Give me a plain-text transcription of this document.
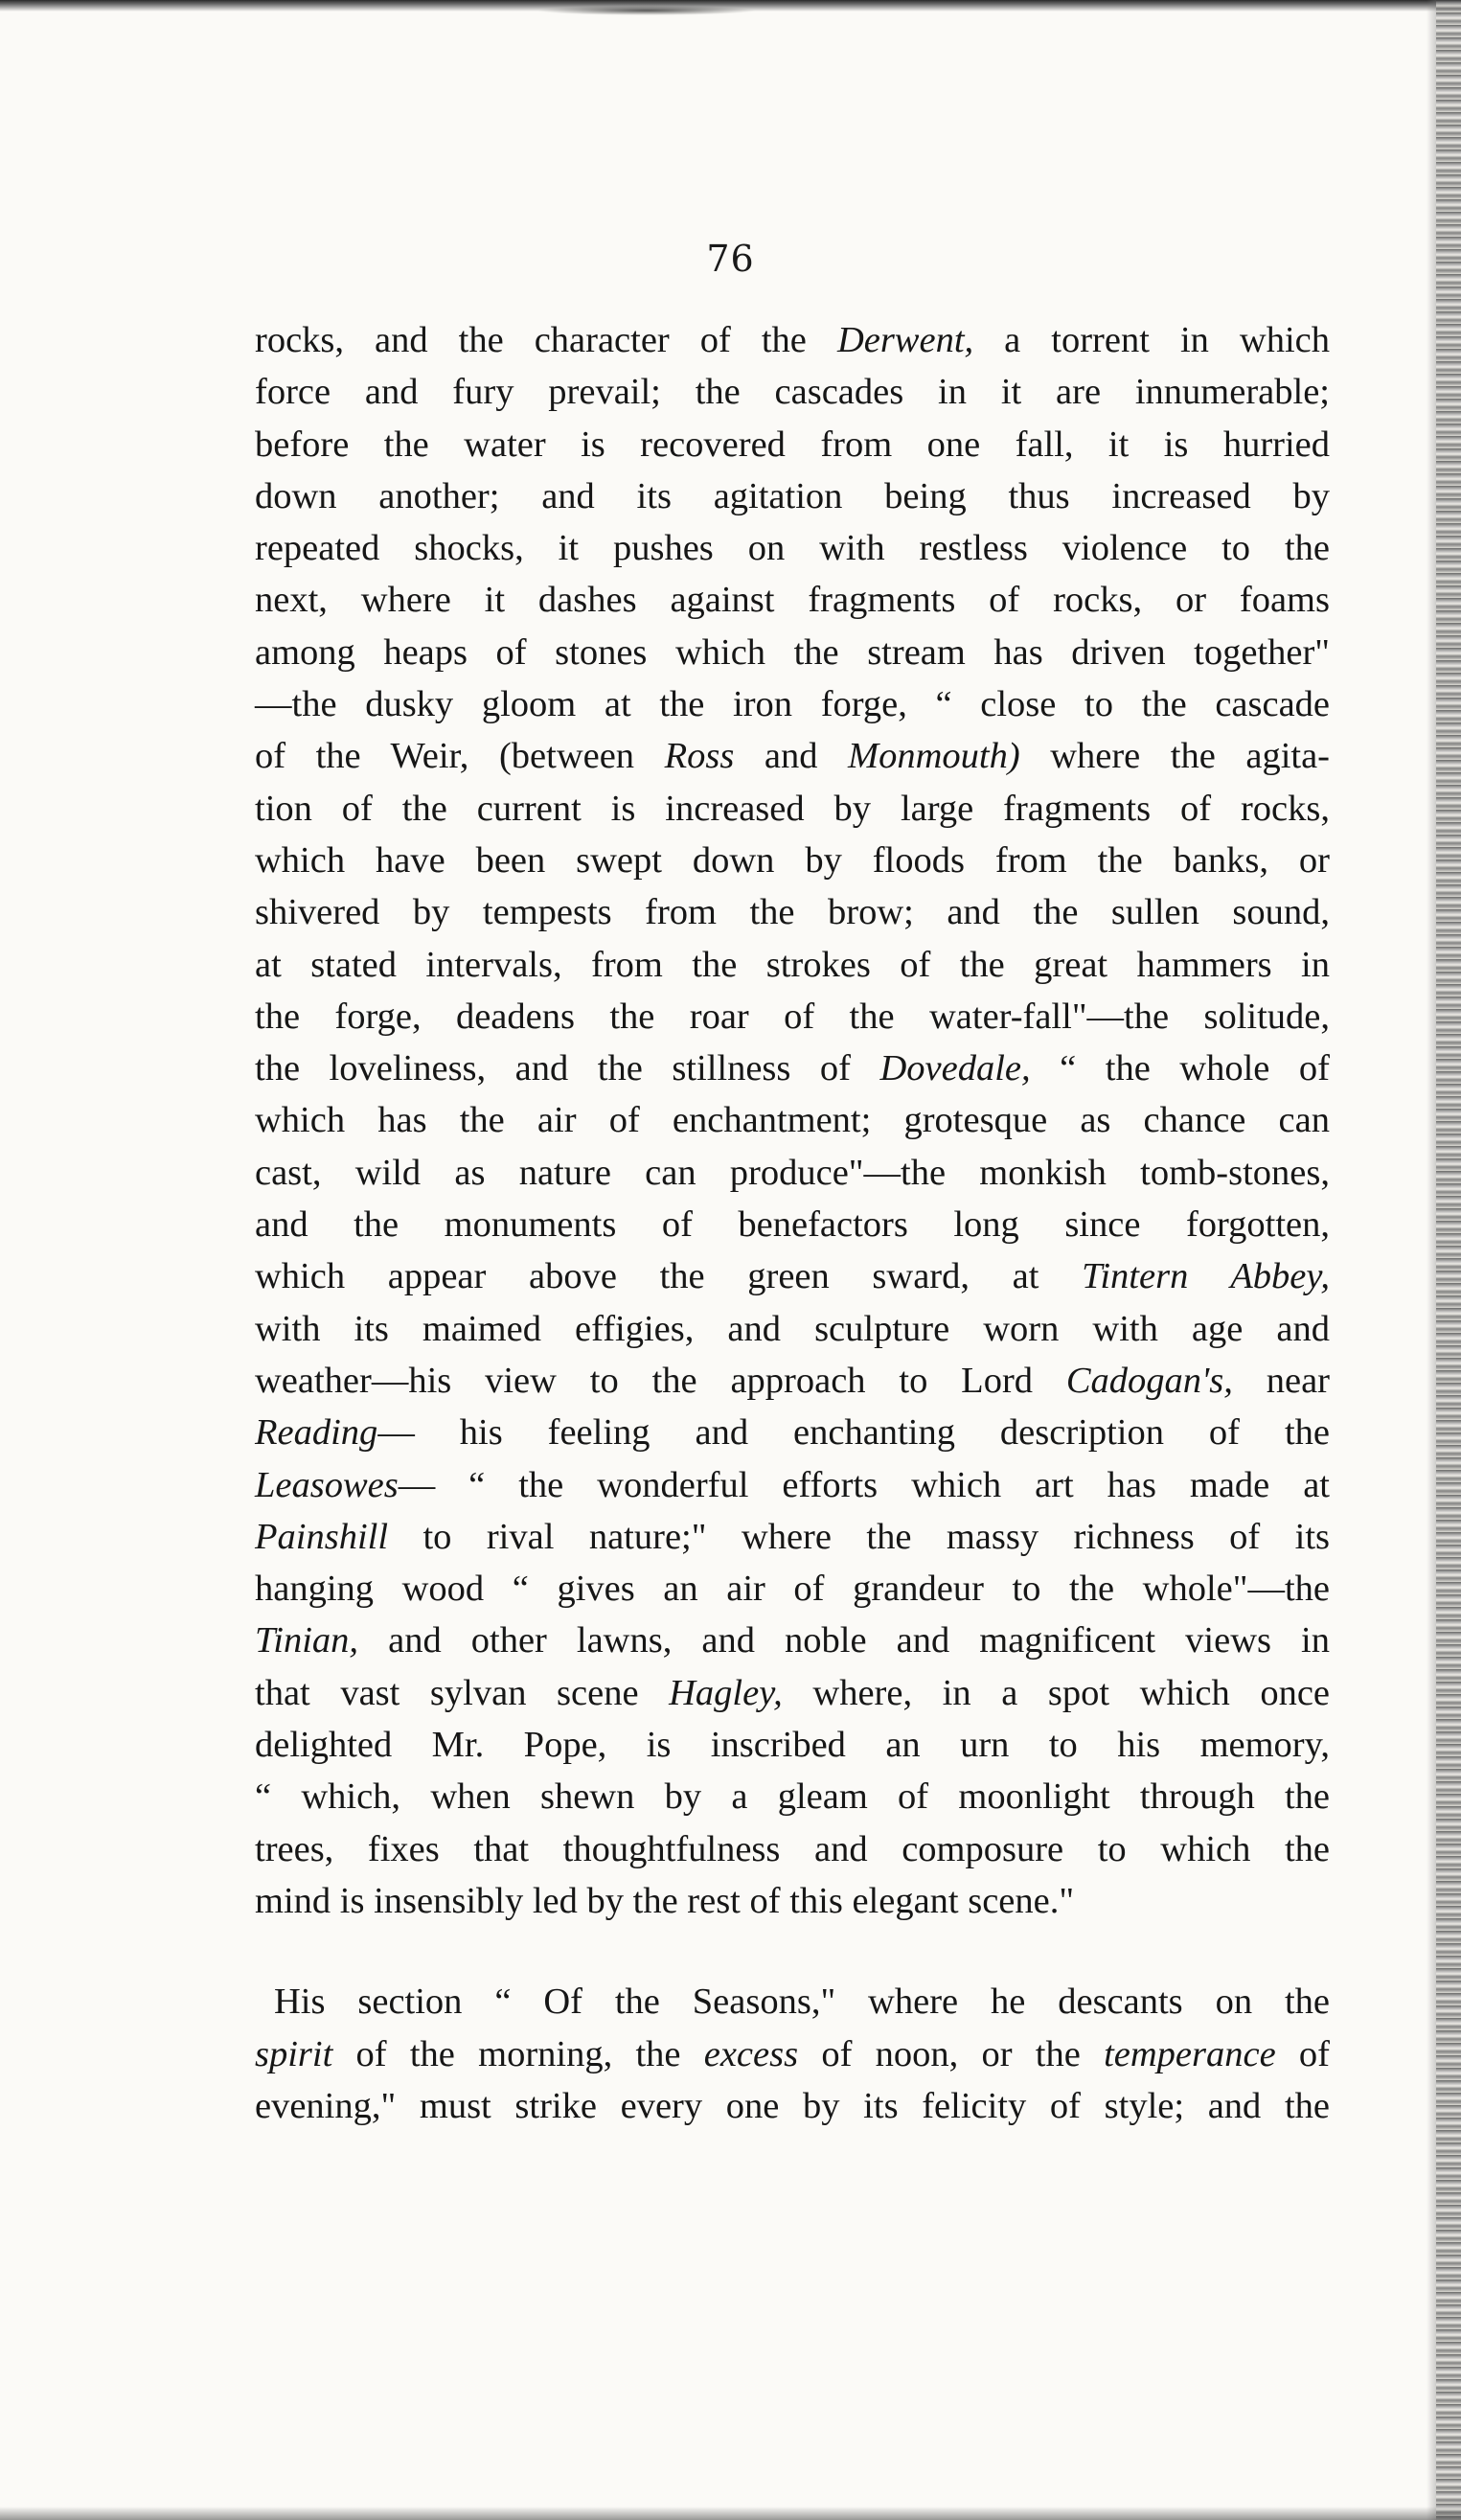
76
rocks, and the character of the Derwent, a torrent in which
force and fury prevail; the cascades in it are innumerable;
before the water is recovered from one fall, it is hurried
down another; and its agitation being thus increased by
repeated shocks, it pushes on with restless violence to the
next, where it dashes against fragments of rocks, or foams
among heaps of stones which the stream has driven together"
—the dusky gloom at the iron forge, “ close to the cascade
of the Weir, (between Ross and Monmouth) where the agita-
tion of the current is increased by large fragments of rocks,
which have been swept down by floods from the banks, or
shivered by tempests from the brow; and the sullen sound,
at stated intervals, from the strokes of the great hammers in
the forge, deadens the roar of the water-fall"—the solitude,
the loveliness, and the stillness of Dovedale, “ the whole of
which has the air of enchantment; grotesque as chance can
cast, wild as nature can produce"—the monkish tomb-stones,
and the monuments of benefactors long since forgotten,
which appear above the green sward, at Tintern Abbey,
with its maimed effigies, and sculpture worn with age and
weather—his view to the approach to Lord Cadogan's, near
Reading— his feeling and enchanting description of the
Leasowes— “ the wonderful efforts which art has made at
Painshill to rival nature;" where the massy richness of its
hanging wood “ gives an air of grandeur to the whole"—the
Tinian, and other lawns, and noble and magnificent views in
that vast sylvan scene Hagley, where, in a spot which once
delighted Mr. Pope, is inscribed an urn to his memory,
“ which, when shewn by a gleam of moonlight through the
trees, fixes that thoughtfulness and composure to which the
mind is insensibly led by the rest of this elegant scene."
His section “ Of the Seasons," where he descants on the
spirit of the morning, the excess of noon, or the temperance of
evening," must strike every one by its felicity of style; and the
